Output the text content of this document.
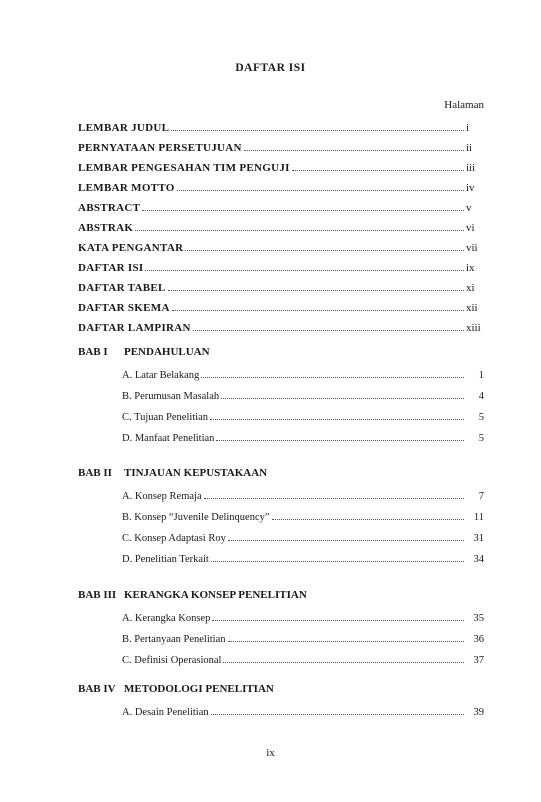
DAFTAR ISI
Halaman
LEMBAR JUDUL	i
PERNYATAAN PERSETUJUAN	ii
LEMBAR PENGESAHAN TIM PENGUJI	iii
LEMBAR MOTTO	iv
ABSTRACT	v
ABSTRAK	vi
KATA PENGANTAR	vii
DAFTAR ISI	ix
DAFTAR TABEL	xi
DAFTAR SKEMA	xii
DAFTAR LAMPIRAN	xiii
BAB I PENDAHULUAN
A. Latar Belakang	1
B. Perumusan Masalah	4
C. Tujuan Penelitian	5
D. Manfaat Penelitian	5
BAB II TINJAUAN KEPUSTAKAAN
A. Konsep Remaja	7
B. Konsep “Juvenile Delinquency”	11
C. Konsep Adaptasi Roy	31
D. Penelitian Terkait	34
BAB III KERANGKA KONSEP PENELITIAN
A. Kerangka Konsep	35
B. Pertanyaan Penelitian	36
C. Definisi Operasional	37
BAB IV METODOLOGI PENELITIAN
A. Desain Penelitian	39
ix
